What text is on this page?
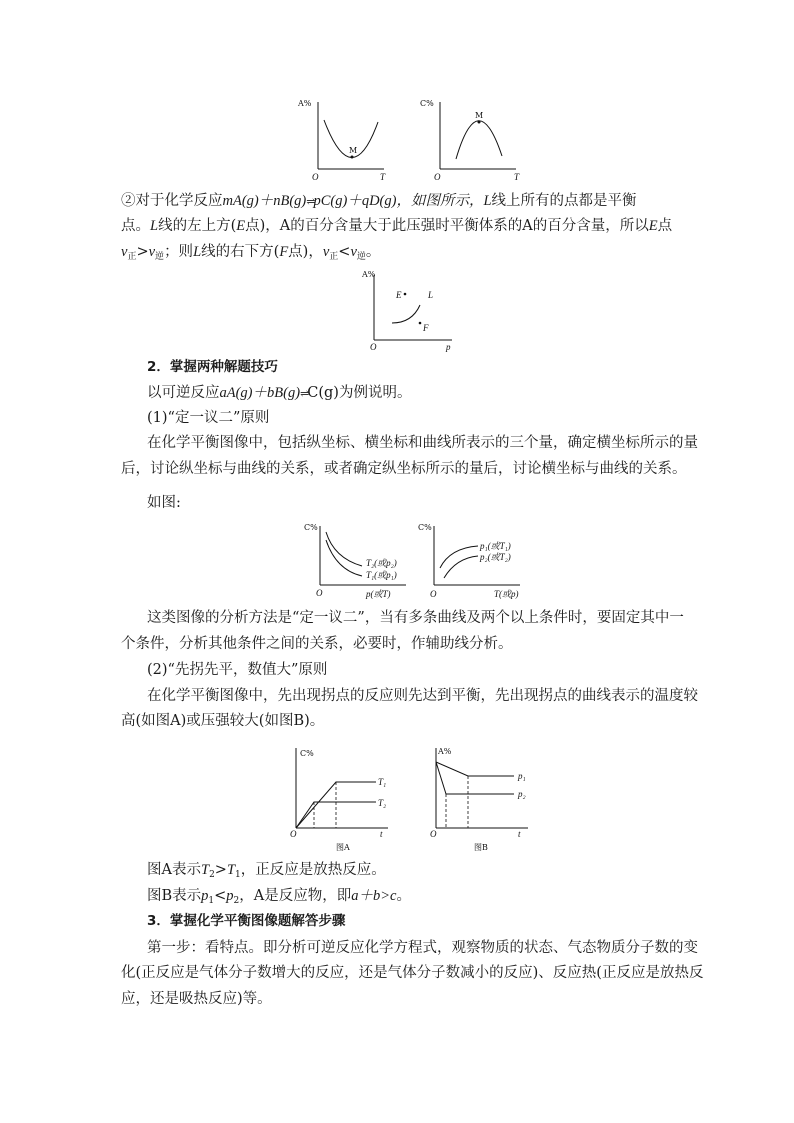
A%
M
O	T
C%
M
O	T
②对于化学反应mA(g)＋nB(g)⇌pC(g)＋qD(g)，如图所示，L线上所有的点都是平衡
点。L线的左上方(E点)，A的百分含量大于此压强时平衡体系的A的百分含量，所以E点
$v_正>v_逆$；则L线的右下方(F点)，$v_正<v_逆$。
A%
E	L
F
O	p
2．掌握两种解题技巧
以可逆反应aA(g)＋bB(g)⇌C(g)为例说明。
(1)“定一议二”原则
在化学平衡图像中，包括纵坐标、横坐标和曲线所表示的三个量，确定横坐标所示的量
后，讨论纵坐标与曲线的关系，或者确定纵坐标所示的量后，讨论横坐标与曲线的关系。
如图:
C%
T₂(或p₂)
T₁(或p₁)
O	p(或T)
C%
p₁(或T₁)
p₂(或T₂)
O	T(或p)
这类图像的分析方法是“定一议二”，当有多条曲线及两个以上条件时，要固定其中一
个条件，分析其他条件之间的关系，必要时，作辅助线分析。
(2)“先拐先平，数值大”原则
在化学平衡图像中，先出现拐点的反应则先达到平衡，先出现拐点的曲线表示的温度较
高(如图A)或压强较大(如图B)。
C%
T₁
T₂
O	t
图A
A%
p₁
p₂
O	t
图B
图A表示$T_2>T_1$，正反应是放热反应。
图B表示$p_1<p_2$，A是反应物，即a＋b>c。
3．掌握化学平衡图像题解答步骤
第一步：看特点。即分析可逆反应化学方程式，观察物质的状态、气态物质分子数的变
化(正反应是气体分子数增大的反应，还是气体分子数减小的反应)、反应热(正反应是放热反
应，还是吸热反应)等。
